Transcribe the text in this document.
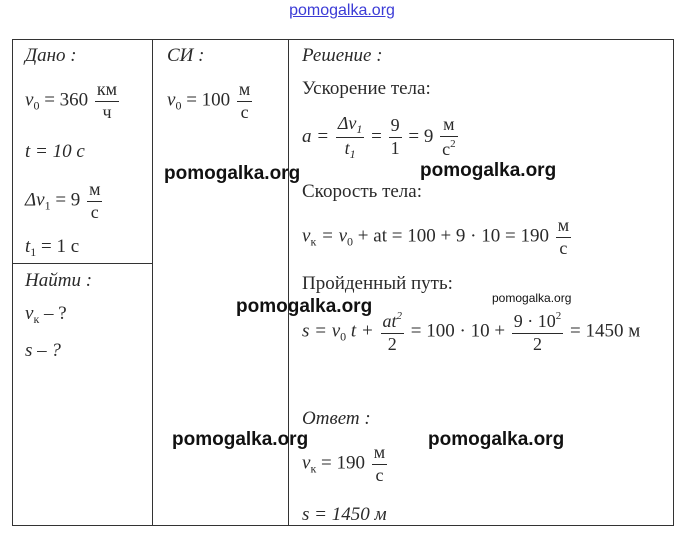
pomogalka.org
Дано :
$v_0 = 360 \frac{км}{ч}$
t = 10 с
$\Delta v_1 = 9 \frac{м}{с}$
$t_1 = 1$ с
Найти :
$v_к$ – ?
s – ?
СИ :
$v_0 = 100 \frac{м}{с}$
Решение :
Ускорение тела:
$a = \frac{\Delta v_1}{t_1} = \frac{9}{1} = 9 \frac{м}{с^2}$
Скорость тела:
$v_к = v_0$ + at = $100 + 9 \cdot 10 = 190 \frac{м}{с}$
Пройденный путь:
$s = v_0$ $t + \frac{at^2}{2} = 100 \cdot 10 + \frac{9 \cdot 10^2}{2} = 1450$ м
Ответ :
$v_к = 190 \frac{м}{с}$
s = 1450 м
pomogalka.org	pomogalka.org
pomogalka.org	pomogalka.org
pomogalka.org	pomogalka.org
